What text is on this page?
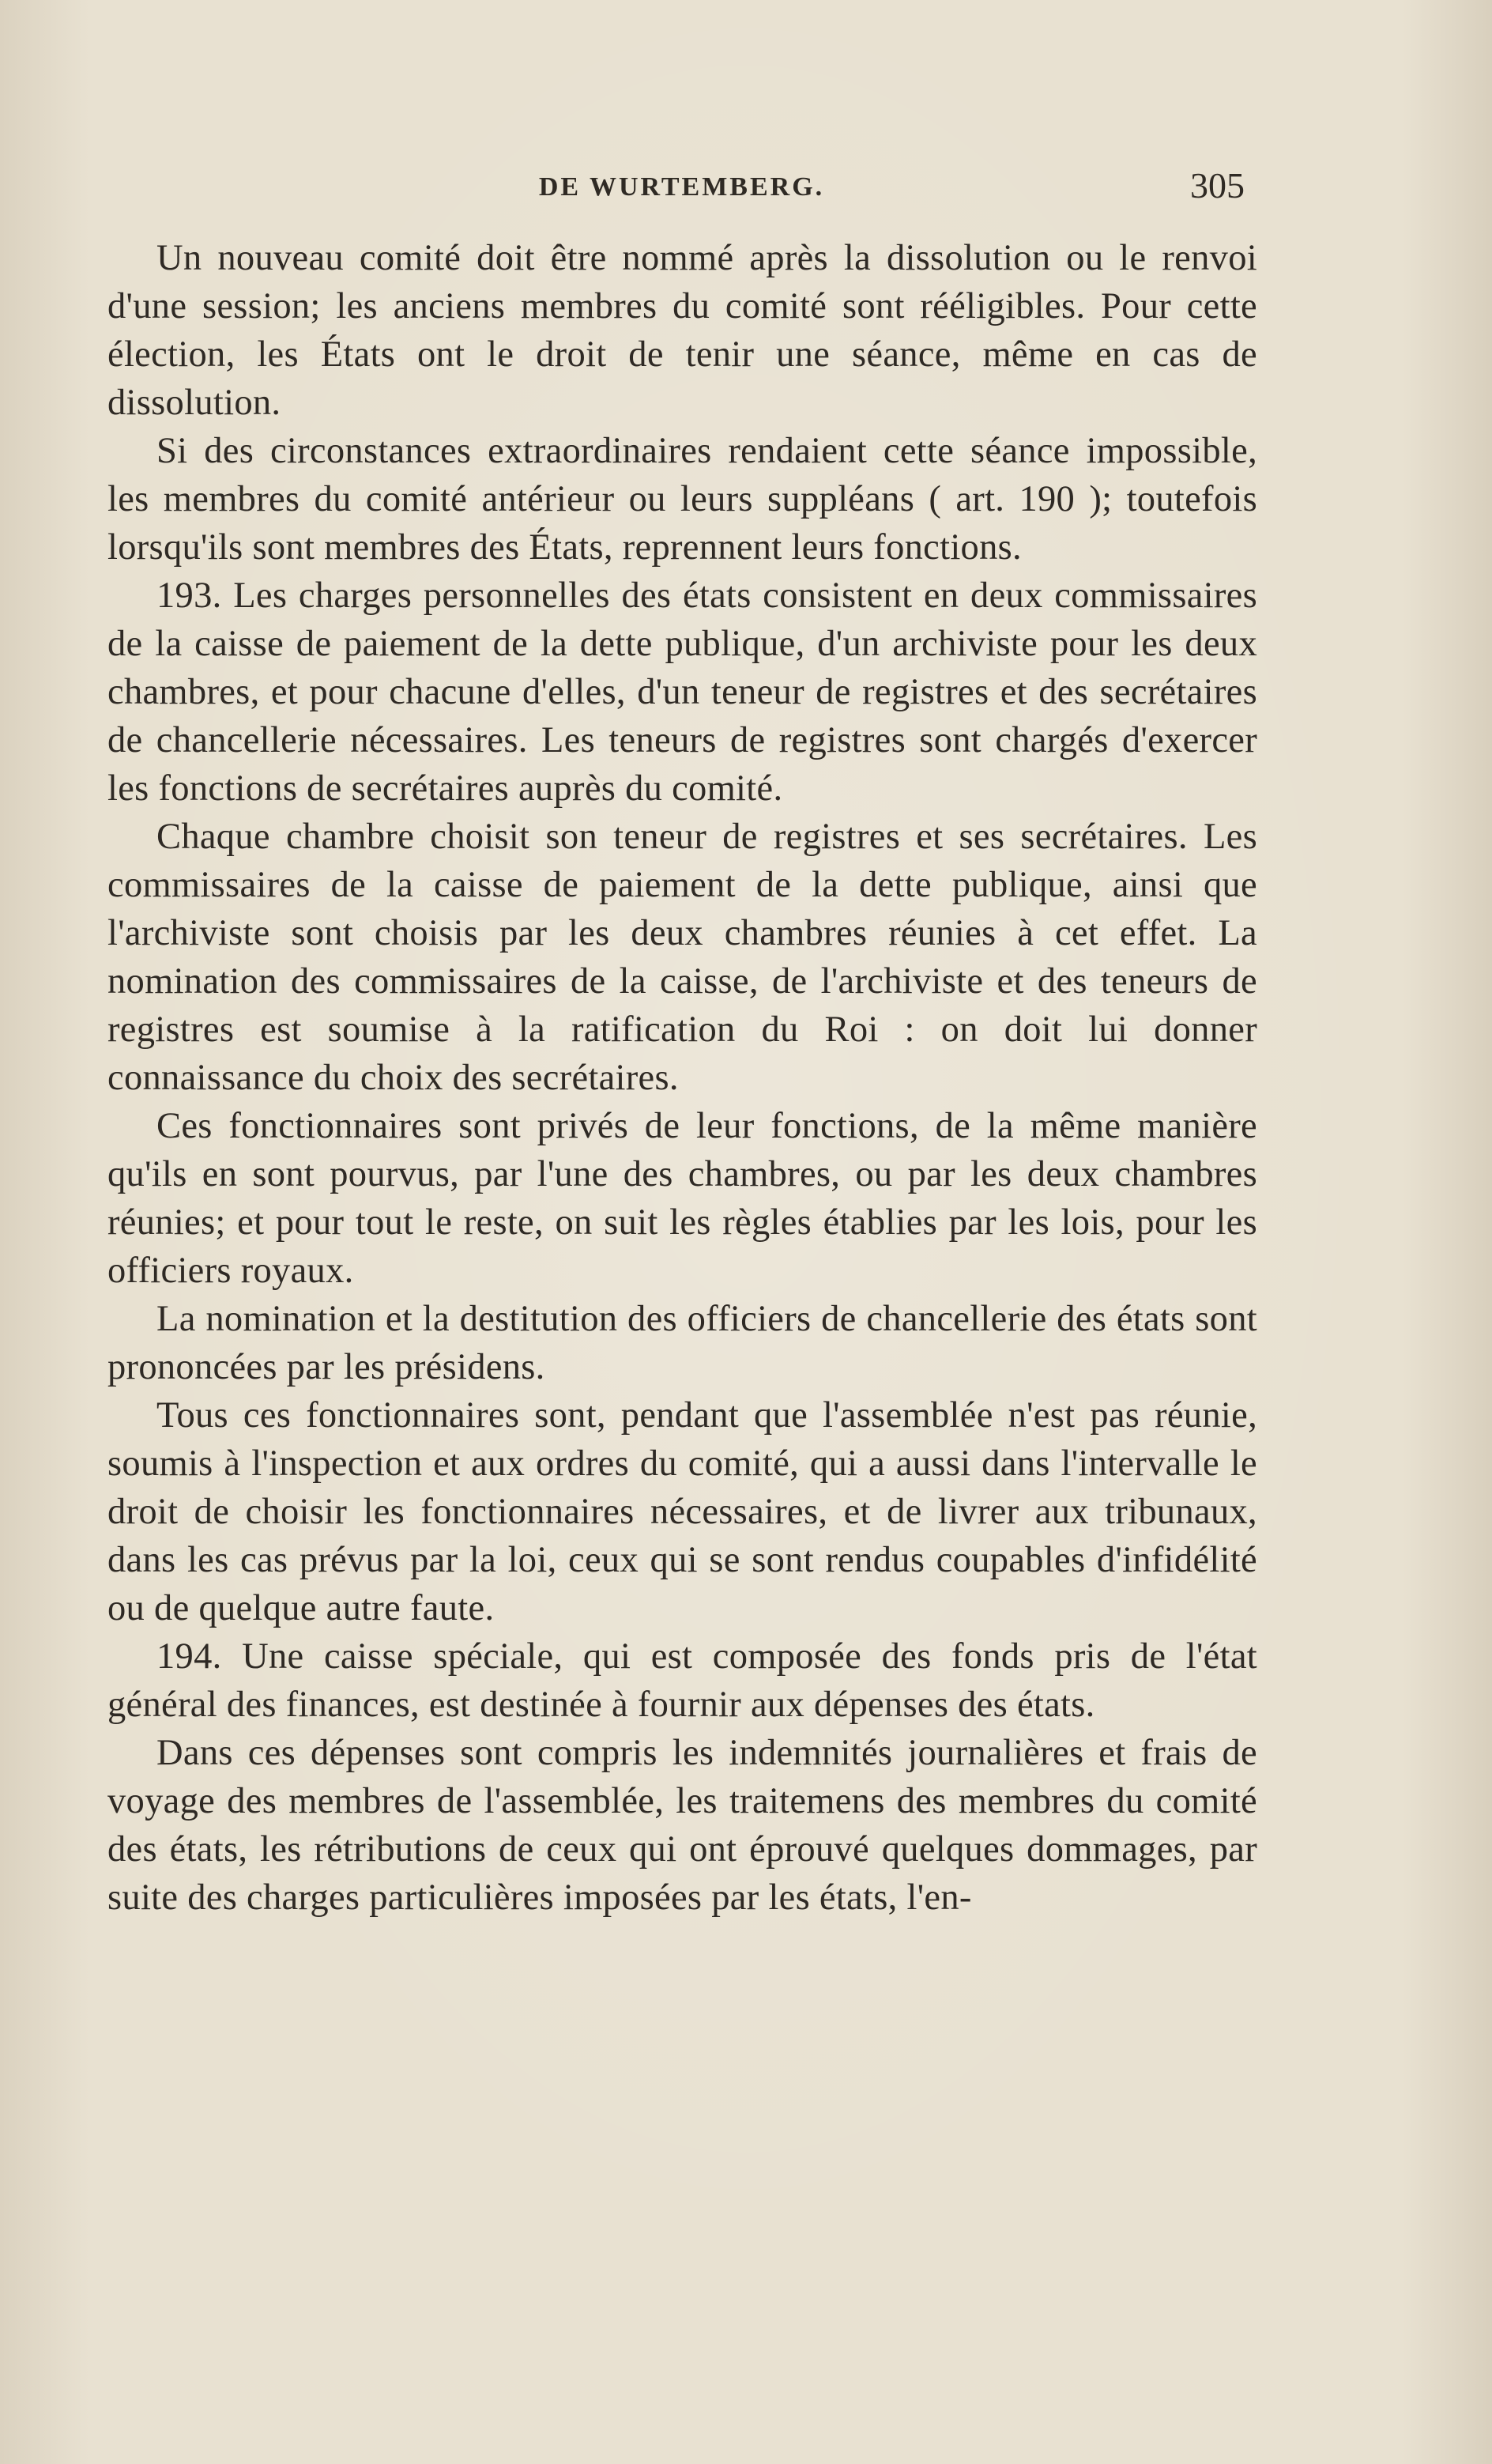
DE WURTEMBERG.	305

Un nouveau comité doit être nommé après la dissolution ou le renvoi d'une session; les anciens membres du comité sont rééligibles. Pour cette élection, les États ont le droit de tenir une séance, même en cas de dissolution.

Si des circonstances extraordinaires rendaient cette séance impossible, les membres du comité antérieur ou leurs suppléans ( art. 190 ); toutefois lorsqu'ils sont membres des États, reprennent leurs fonctions.

193. Les charges personnelles des états consistent en deux commissaires de la caisse de paiement de la dette publique, d'un archiviste pour les deux chambres, et pour chacune d'elles, d'un teneur de registres et des secrétaires de chancellerie nécessaires. Les teneurs de registres sont chargés d'exercer les fonctions de secrétaires auprès du comité.

Chaque chambre choisit son teneur de registres et ses secrétaires. Les commissaires de la caisse de paiement de la dette publique, ainsi que l'archiviste sont choisis par les deux chambres réunies à cet effet. La nomination des commissaires de la caisse, de l'archiviste et des teneurs de registres est soumise à la ratification du Roi : on doit lui donner connaissance du choix des secrétaires.

Ces fonctionnaires sont privés de leur fonctions, de la même manière qu'ils en sont pourvus, par l'une des chambres, ou par les deux chambres réunies; et pour tout le reste, on suit les règles établies par les lois, pour les officiers royaux.

La nomination et la destitution des officiers de chancellerie des états sont prononcées par les présidens.

Tous ces fonctionnaires sont, pendant que l'assemblée n'est pas réunie, soumis à l'inspection et aux ordres du comité, qui a aussi dans l'intervalle le droit de choisir les fonctionnaires nécessaires, et de livrer aux tribunaux, dans les cas prévus par la loi, ceux qui se sont rendus coupables d'infidélité ou de quelque autre faute.

194. Une caisse spéciale, qui est composée des fonds pris de l'état général des finances, est destinée à fournir aux dépenses des états.

Dans ces dépenses sont compris les indemnités journalières et frais de voyage des membres de l'assemblée, les traitemens des membres du comité des états, les rétributions de ceux qui ont éprouvé quelques dommages, par suite des charges particulières imposées par les états, l'en-
